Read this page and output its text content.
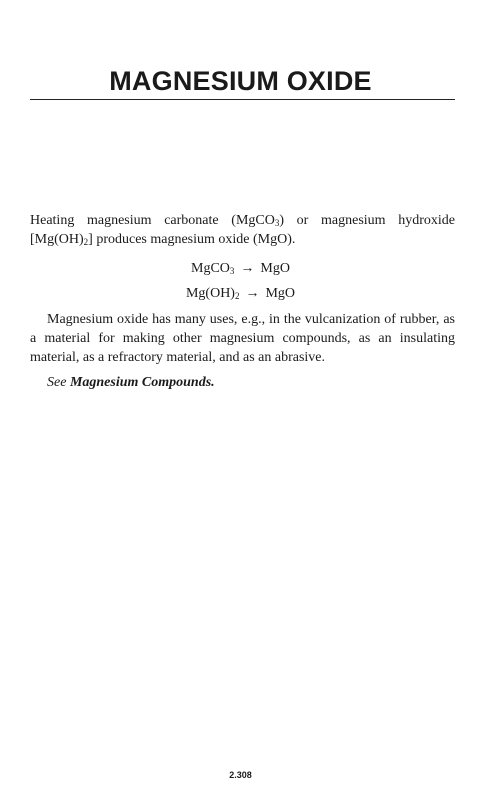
MAGNESIUM OXIDE
Heating magnesium carbonate (MgCO$_3$) or magnesium hydroxide $[Mg(OH)_2]$ produces magnesium oxide (MgO).
MgCO$_3$ → MgO
$Mg(OH)_2$ → MgO
Magnesium oxide has many uses, e.g., in the vulcanization of rubber, as a material for making other magnesium compounds, as an insulating material, as a refractory material, and as an abrasive.
See Magnesium Compounds.
2.308
